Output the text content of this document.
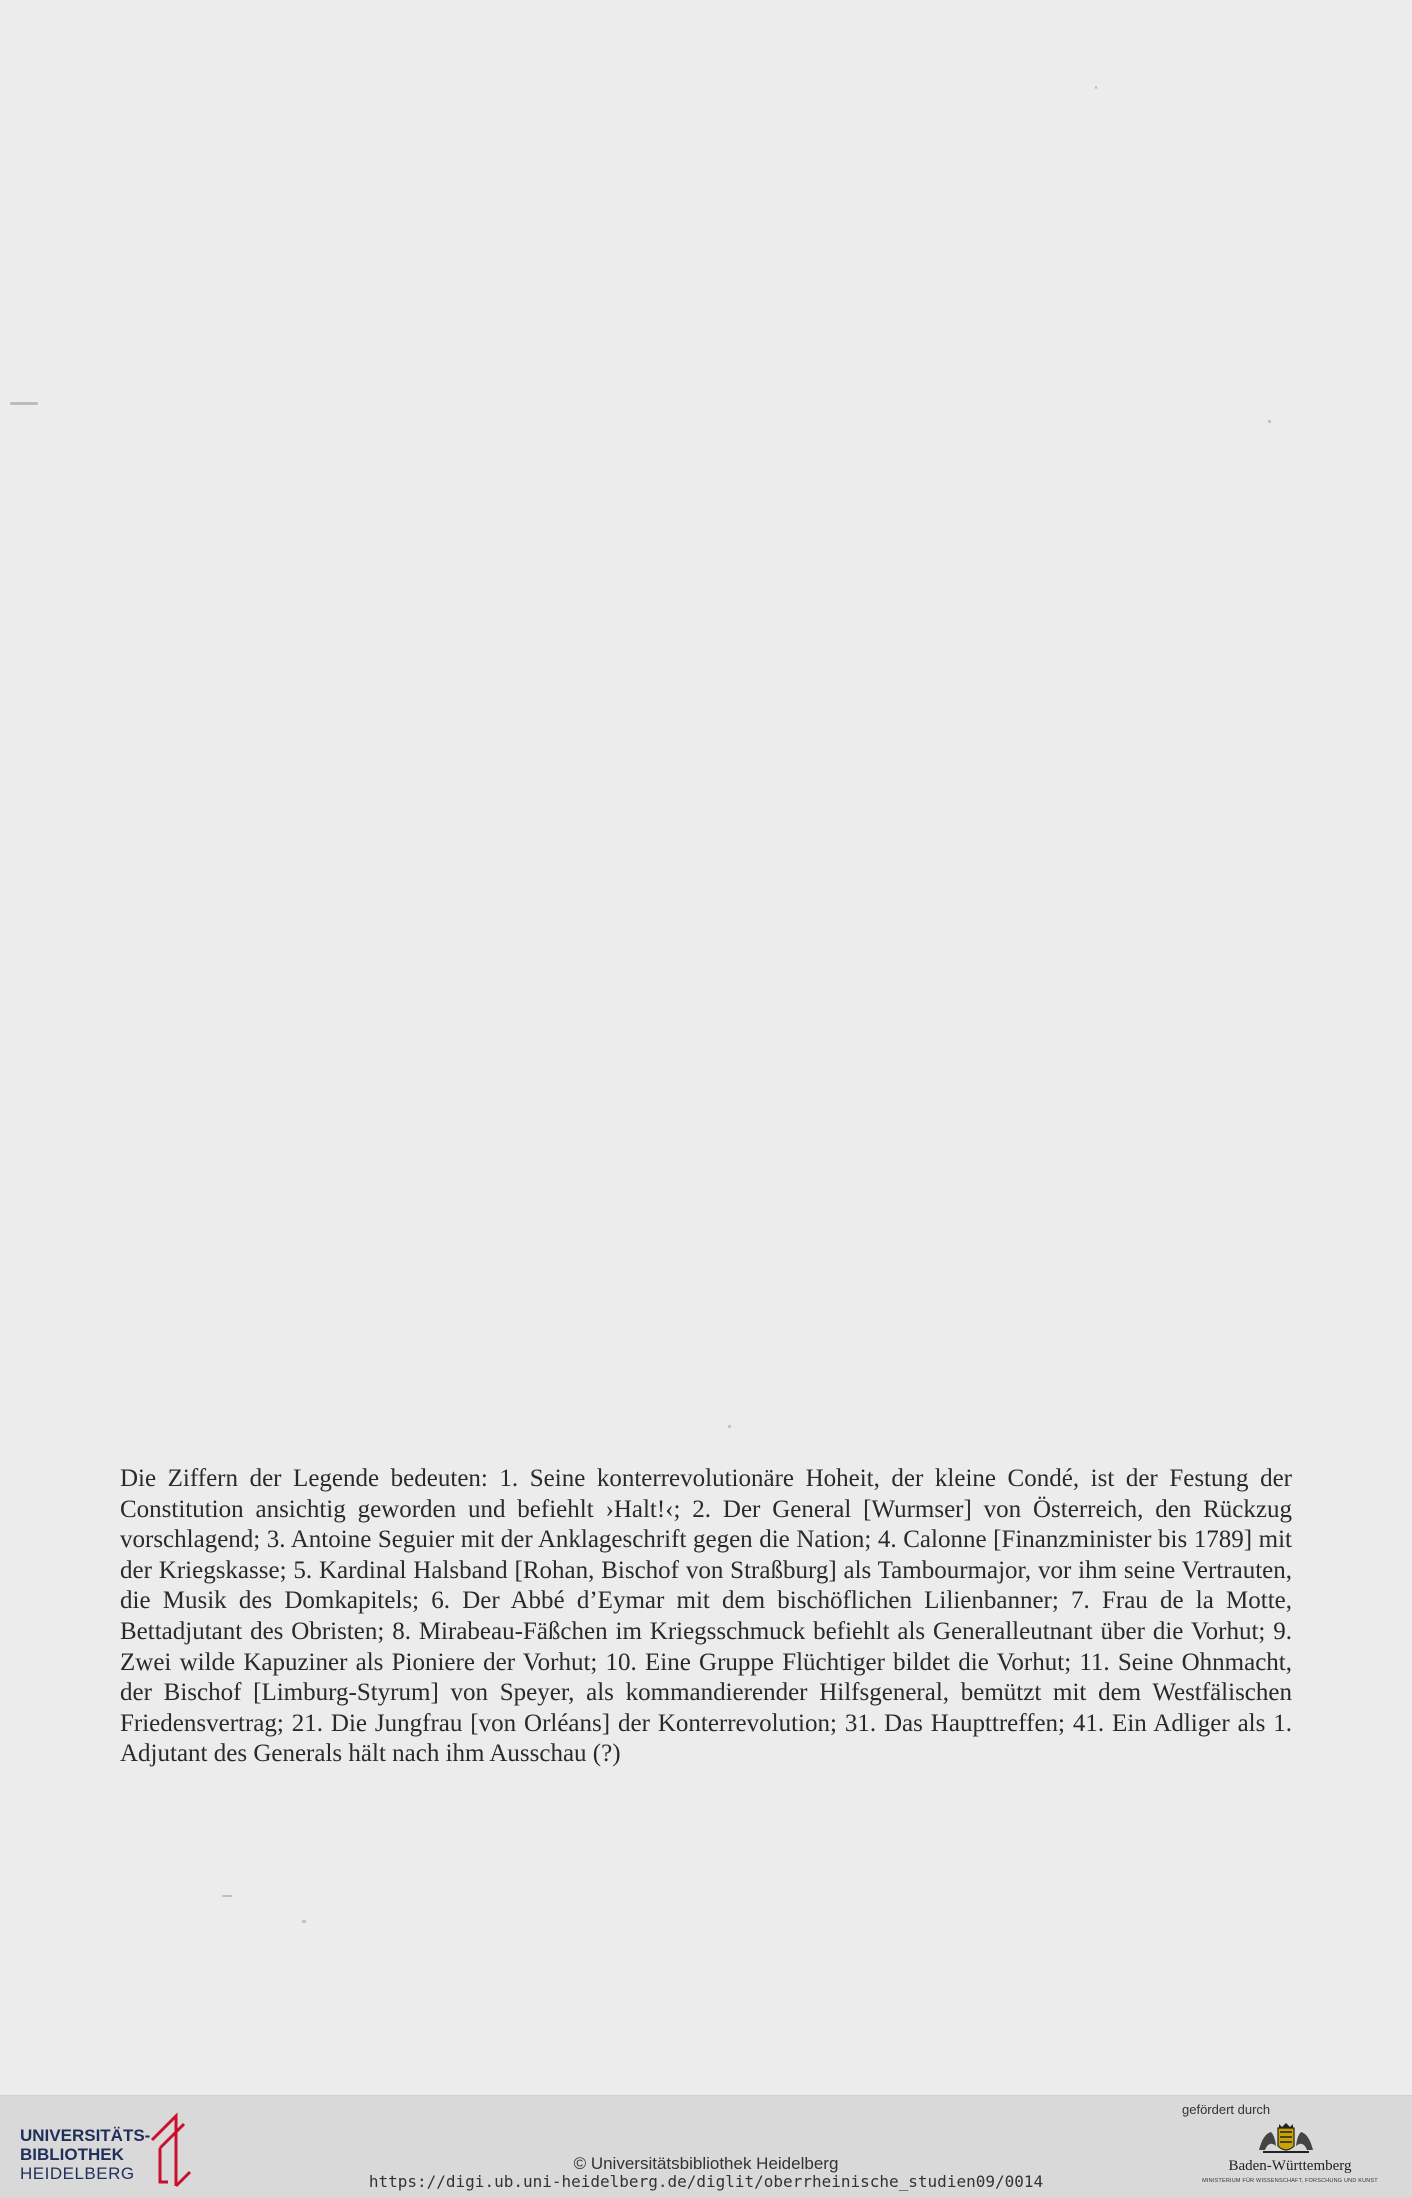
Die Ziffern der Legende bedeuten: 1. Seine konterrevolutionäre Hoheit, der kleine Condé, ist der Festung der Constitution ansichtig geworden und befiehlt ›Halt!‹; 2. Der General [Wurmser] von Österreich, den Rückzug vorschlagend; 3. Antoine Seguier mit der Anklageschrift gegen die Nation; 4. Calonne [Finanzminister bis 1789] mit der Kriegskasse; 5. Kardinal Halsband [Rohan, Bischof von Straßburg] als Tambourmajor, vor ihm seine Vertrauten, die Musik des Domkapitels; 6. Der Abbé d’Eymar mit dem bischöflichen Lilienbanner; 7. Frau de la Motte, Bettadjutant des Obristen; 8. Mirabeau-Fäßchen im Kriegsschmuck befiehlt als Generalleutnant über die Vorhut; 9. Zwei wilde Kapuziner als Pioniere der Vorhut; 10. Eine Gruppe Flüchtiger bildet die Vorhut; 11. Seine Ohnmacht, der Bischof [Limburg-Styrum] von Speyer, als kommandierender Hilfsgeneral, bemützt mit dem Westfälischen Friedensvertrag; 21. Die Jungfrau [von Orléans] der Konterrevolution; 31. Das Haupttreffen; 41. Ein Adliger als 1. Adjutant des Generals hält nach ihm Ausschau (?)
UNIVERSITÄTS-
BIBLIOTHEK
HEIDELBERG
© Universitätsbibliothek Heidelberg
https://digi.ub.uni-heidelberg.de/diglit/oberrheinische_studien09/0014
gefördert durch
Baden-Württemberg
MINISTERIUM FÜR WISSENSCHAFT, FORSCHUNG UND KUNST
